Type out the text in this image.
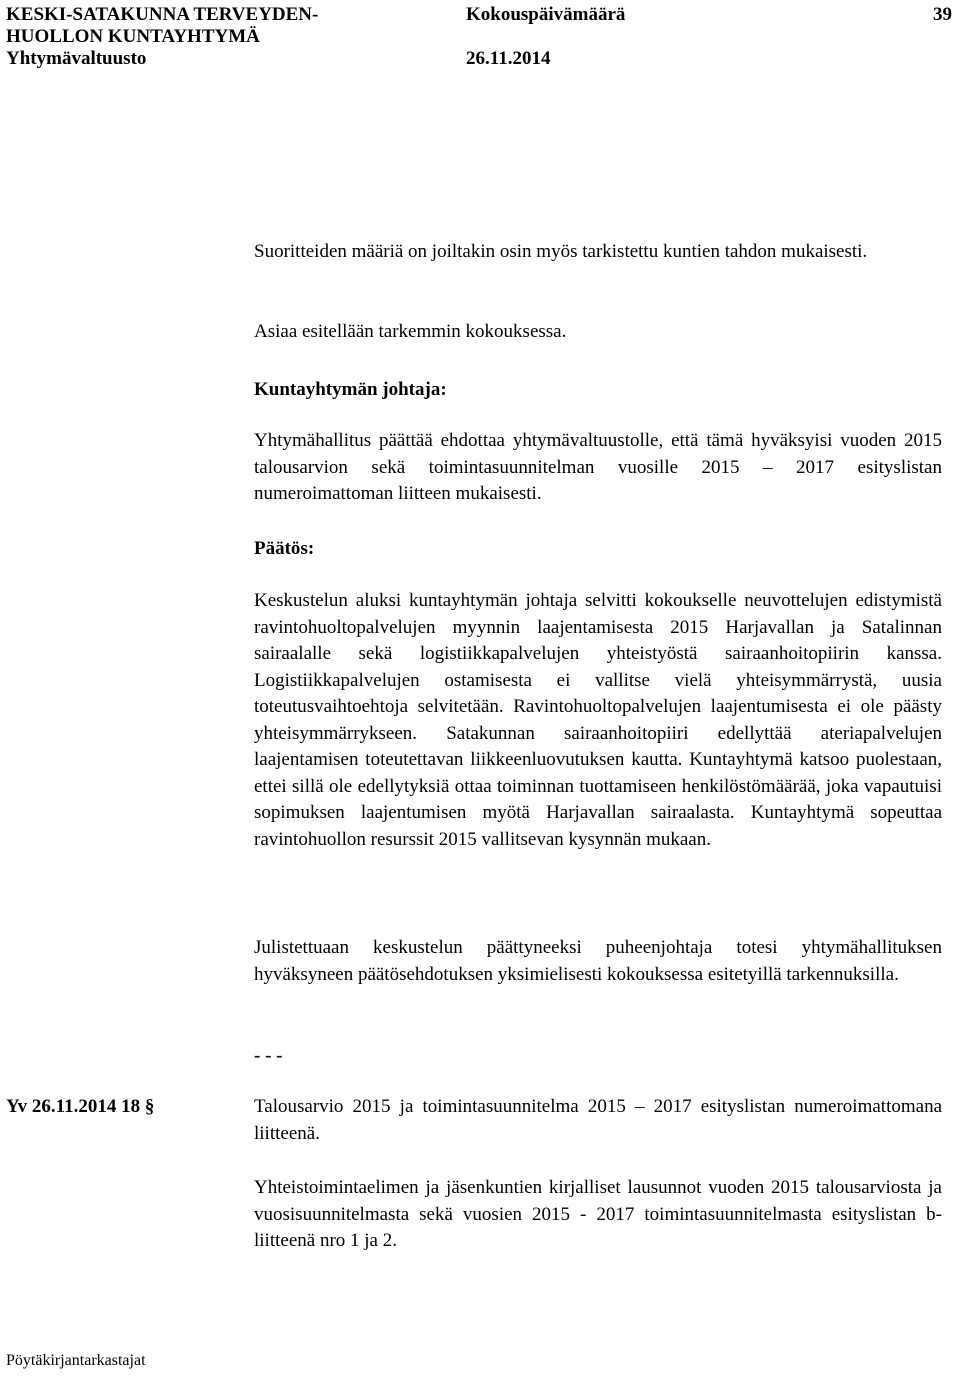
KESKI-SATAKUNNA TERVEYDEN-
HUOLLON KUNTAYHTYMÄ
Yhtymävaltuusto
Kokouspäivämäärä
26.11.2014
39
Suoritteiden määriä on joiltakin osin myös tarkistettu kuntien tahdon mukaisesti.
Asiaa esitellään tarkemmin kokouksessa.
Kuntayhtymän johtaja:
Yhtymähallitus päättää ehdottaa yhtymävaltuustolle, että tämä hyväksyisi vuoden 2015 talousarvion sekä toimintasuunnitelman vuosille 2015 – 2017 esityslistan numeroimattoman liitteen mukaisesti.
Päätös:
Keskustelun aluksi kuntayhtymän johtaja selvitti kokoukselle neuvottelujen edistymistä ravintohuoltopalvelujen myynnin laajentamisesta 2015 Harjavallan ja Satalinnan sairaalalle sekä logistiikkapalvelujen yhteistyöstä sairaanhoitopiirin kanssa. Logistiikkapalvelujen ostamisesta ei vallitse vielä yhteisymmärrystä, uusia toteutusvaihtoehtoja selvitetään. Ravintohuoltopalvelujen laajentumisesta ei ole päästy yhteisymmärrykseen. Satakunnan sairaanhoitopiiri edellyttää ateriapalvelujen laajentamisen toteutettavan liikkeenluovutuksen kautta. Kuntayhtymä katsoo puolestaan, ettei sillä ole edellytyksiä ottaa toiminnan tuottamiseen henkilöstömäärää, joka vapautuisi sopimuksen laajentumisen myötä Harjavallan sairaalasta. Kuntayhtymä sopeuttaa ravintohuollon resurssit 2015 vallitsevan kysynnän mukaan.
Julistettuaan keskustelun päättyneeksi puheenjohtaja totesi yhtymähallituksen hyväksyneen päätösehdotuksen yksimielisesti kokouksessa esitetyillä tarkennuksilla.
- - -
Yv 26.11.2014 18 §	Talousarvio 2015 ja toimintasuunnitelma 2015 – 2017 esityslistan numeroimattomana liitteenä.
Yhteistoimintaelimen ja jäsenkuntien kirjalliset lausunnot vuoden 2015 talousarviosta ja vuosisuunnitelmasta sekä vuosien 2015 - 2017 toimintasuunnitelmasta esityslistan b-liitteenä nro 1 ja 2.
Pöytäkirjantarkastajat
